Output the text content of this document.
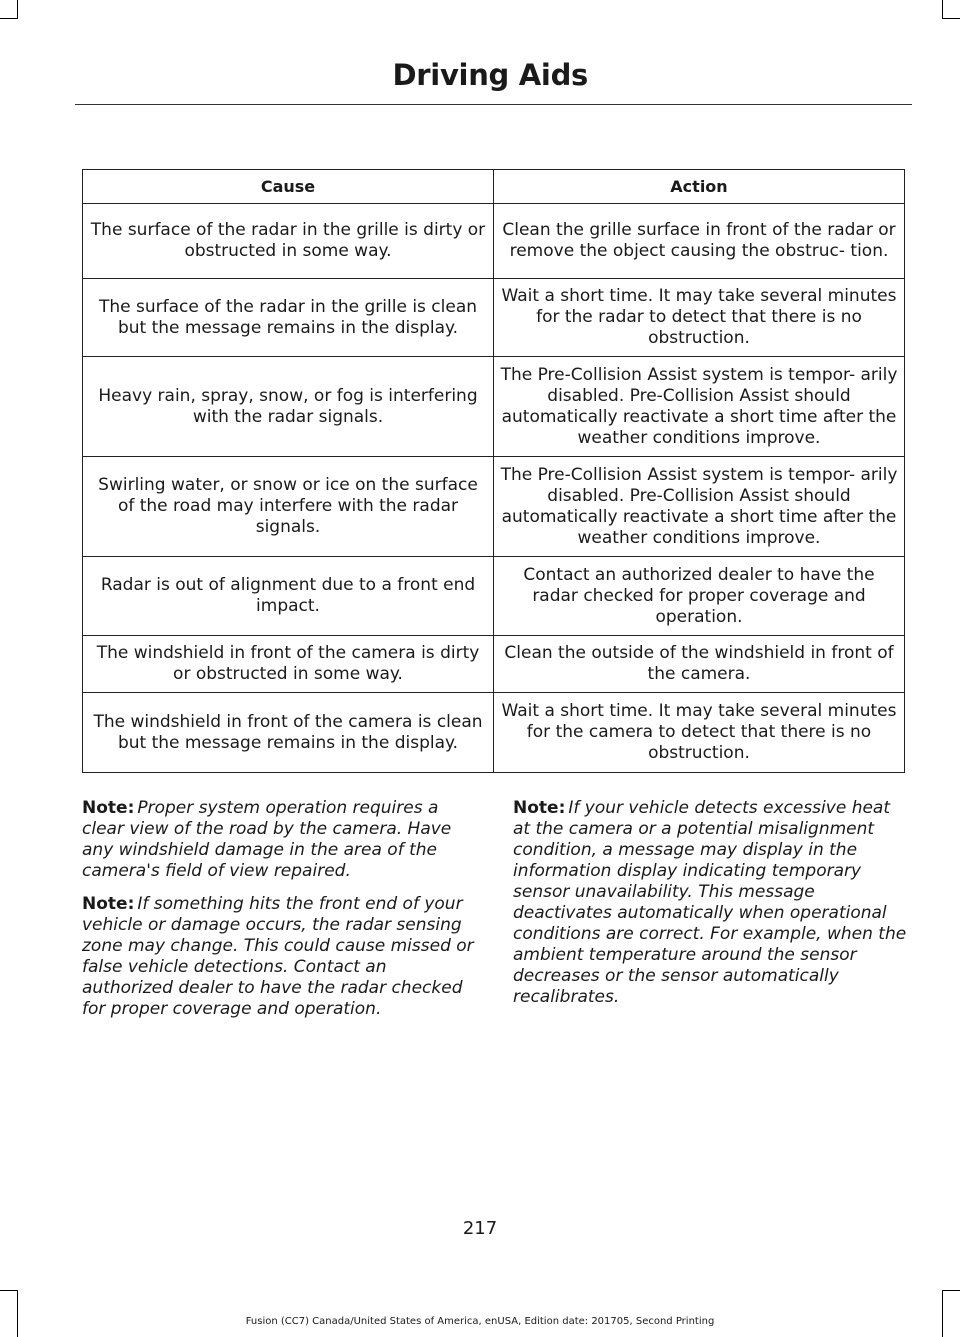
Driving Aids
Cause	Action
The surface of the radar in the grille is dirty or obstructed in some way.	Clean the grille surface in front of the radar or remove the object causing the obstruc- tion.
The surface of the radar in the grille is clean but the message remains in the display.	Wait a short time. It may take several minutes for the radar to detect that there is no obstruction.
Heavy rain, spray, snow, or fog is interfering with the radar signals.	The Pre-Collision Assist system is tempor- arily disabled. Pre-Collision Assist should automatically reactivate a short time after the weather conditions improve.
Swirling water, or snow or ice on the surface of the road may interfere with the radar signals.	The Pre-Collision Assist system is tempor- arily disabled. Pre-Collision Assist should automatically reactivate a short time after the weather conditions improve.
Radar is out of alignment due to a front end impact.	Contact an authorized dealer to have the radar checked for proper coverage and operation.
The windshield in front of the camera is dirty or obstructed in some way.	Clean the outside of the windshield in front of the camera.
The windshield in front of the camera is clean but the message remains in the display.	Wait a short time. It may take several minutes for the camera to detect that there is no obstruction.

Note: Proper system operation requires a clear view of the road by the camera. Have any windshield damage in the area of the camera's field of view repaired.

Note: If something hits the front end of your vehicle or damage occurs, the radar sensing zone may change. This could cause missed or false vehicle detections. Contact an authorized dealer to have the radar checked for proper coverage and operation.

Note: If your vehicle detects excessive heat at the camera or a potential misalignment condition, a message may display in the information display indicating temporary sensor unavailability. This message deactivates automatically when operational conditions are correct. For example, when the ambient temperature around the sensor decreases or the sensor automatically recalibrates.

217
Fusion (CC7) Canada/United States of America, enUSA, Edition date: 201705, Second Printing
